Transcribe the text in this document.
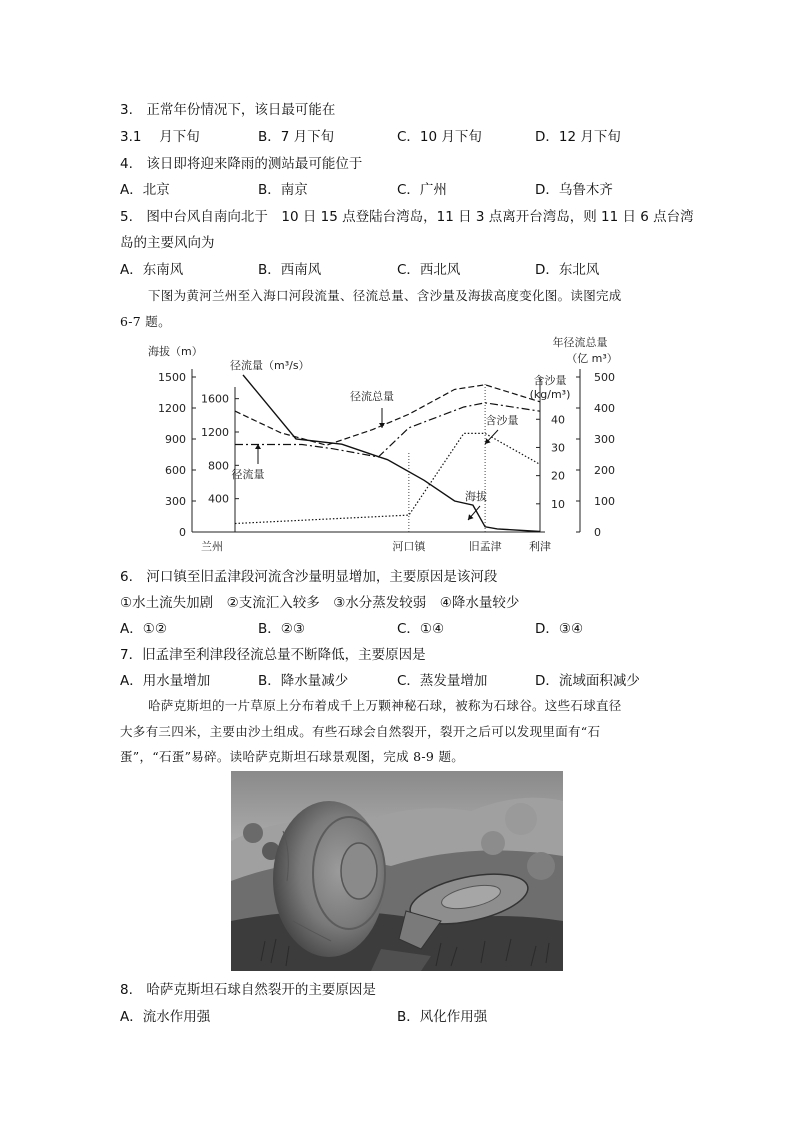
3.　正常年份情况下，该日最可能在
3.1　 月下旬	B．7 月下旬	C．10 月下旬	D．12 月下旬
4.　该日即将迎来降雨的测站最可能位于
A．北京	B．南京	C．广州	D．乌鲁木齐
5.　图中台风自南向北于　10 日 15 点登陆台湾岛，11 日 3 点离开台湾岛，则 11 日 6 点台湾
岛的主要风向为
A．东南风	B．西南风	C．西北风	D．东北风
下图为黄河兰州至入海口河段流量、径流总量、含沙量及海拔高度变化图。读图完成
6-7 题。
0
300
600
900
1200
1500
400
800
1200
1600
10
20
30
40
0
100
200
300
400
500
海拔（m）
径流量（m³/s）
年径流总量
（亿 m³）
含沙量
(kg/m³)
兰州	河口镇	旧孟津 利津
径流总量
径流量
含沙量
海拔
6.　河口镇至旧孟津段河流含沙量明显增加，主要原因是该河段
①水土流失加剧　②支流汇入较多　③水分蒸发较弱　④降水量较少
A．①②	B．②③	C．①④	D．③④
7．旧孟津至利津段径流总量不断降低，主要原因是
A．用水量增加	B．降水量减少	C．蒸发量增加	D．流域面积减少
哈萨克斯坦的一片草原上分布着成千上万颗神秘石球，被称为石球谷。这些石球直径
大多有三四米，主要由沙土组成。有些石球会自然裂开，裂开之后可以发现里面有“石
蛋”，“石蛋”易碎。读哈萨克斯坦石球景观图，完成 8-9 题。
8.　哈萨克斯坦石球自然裂开的主要原因是
A．流水作用强	B．风化作用强
